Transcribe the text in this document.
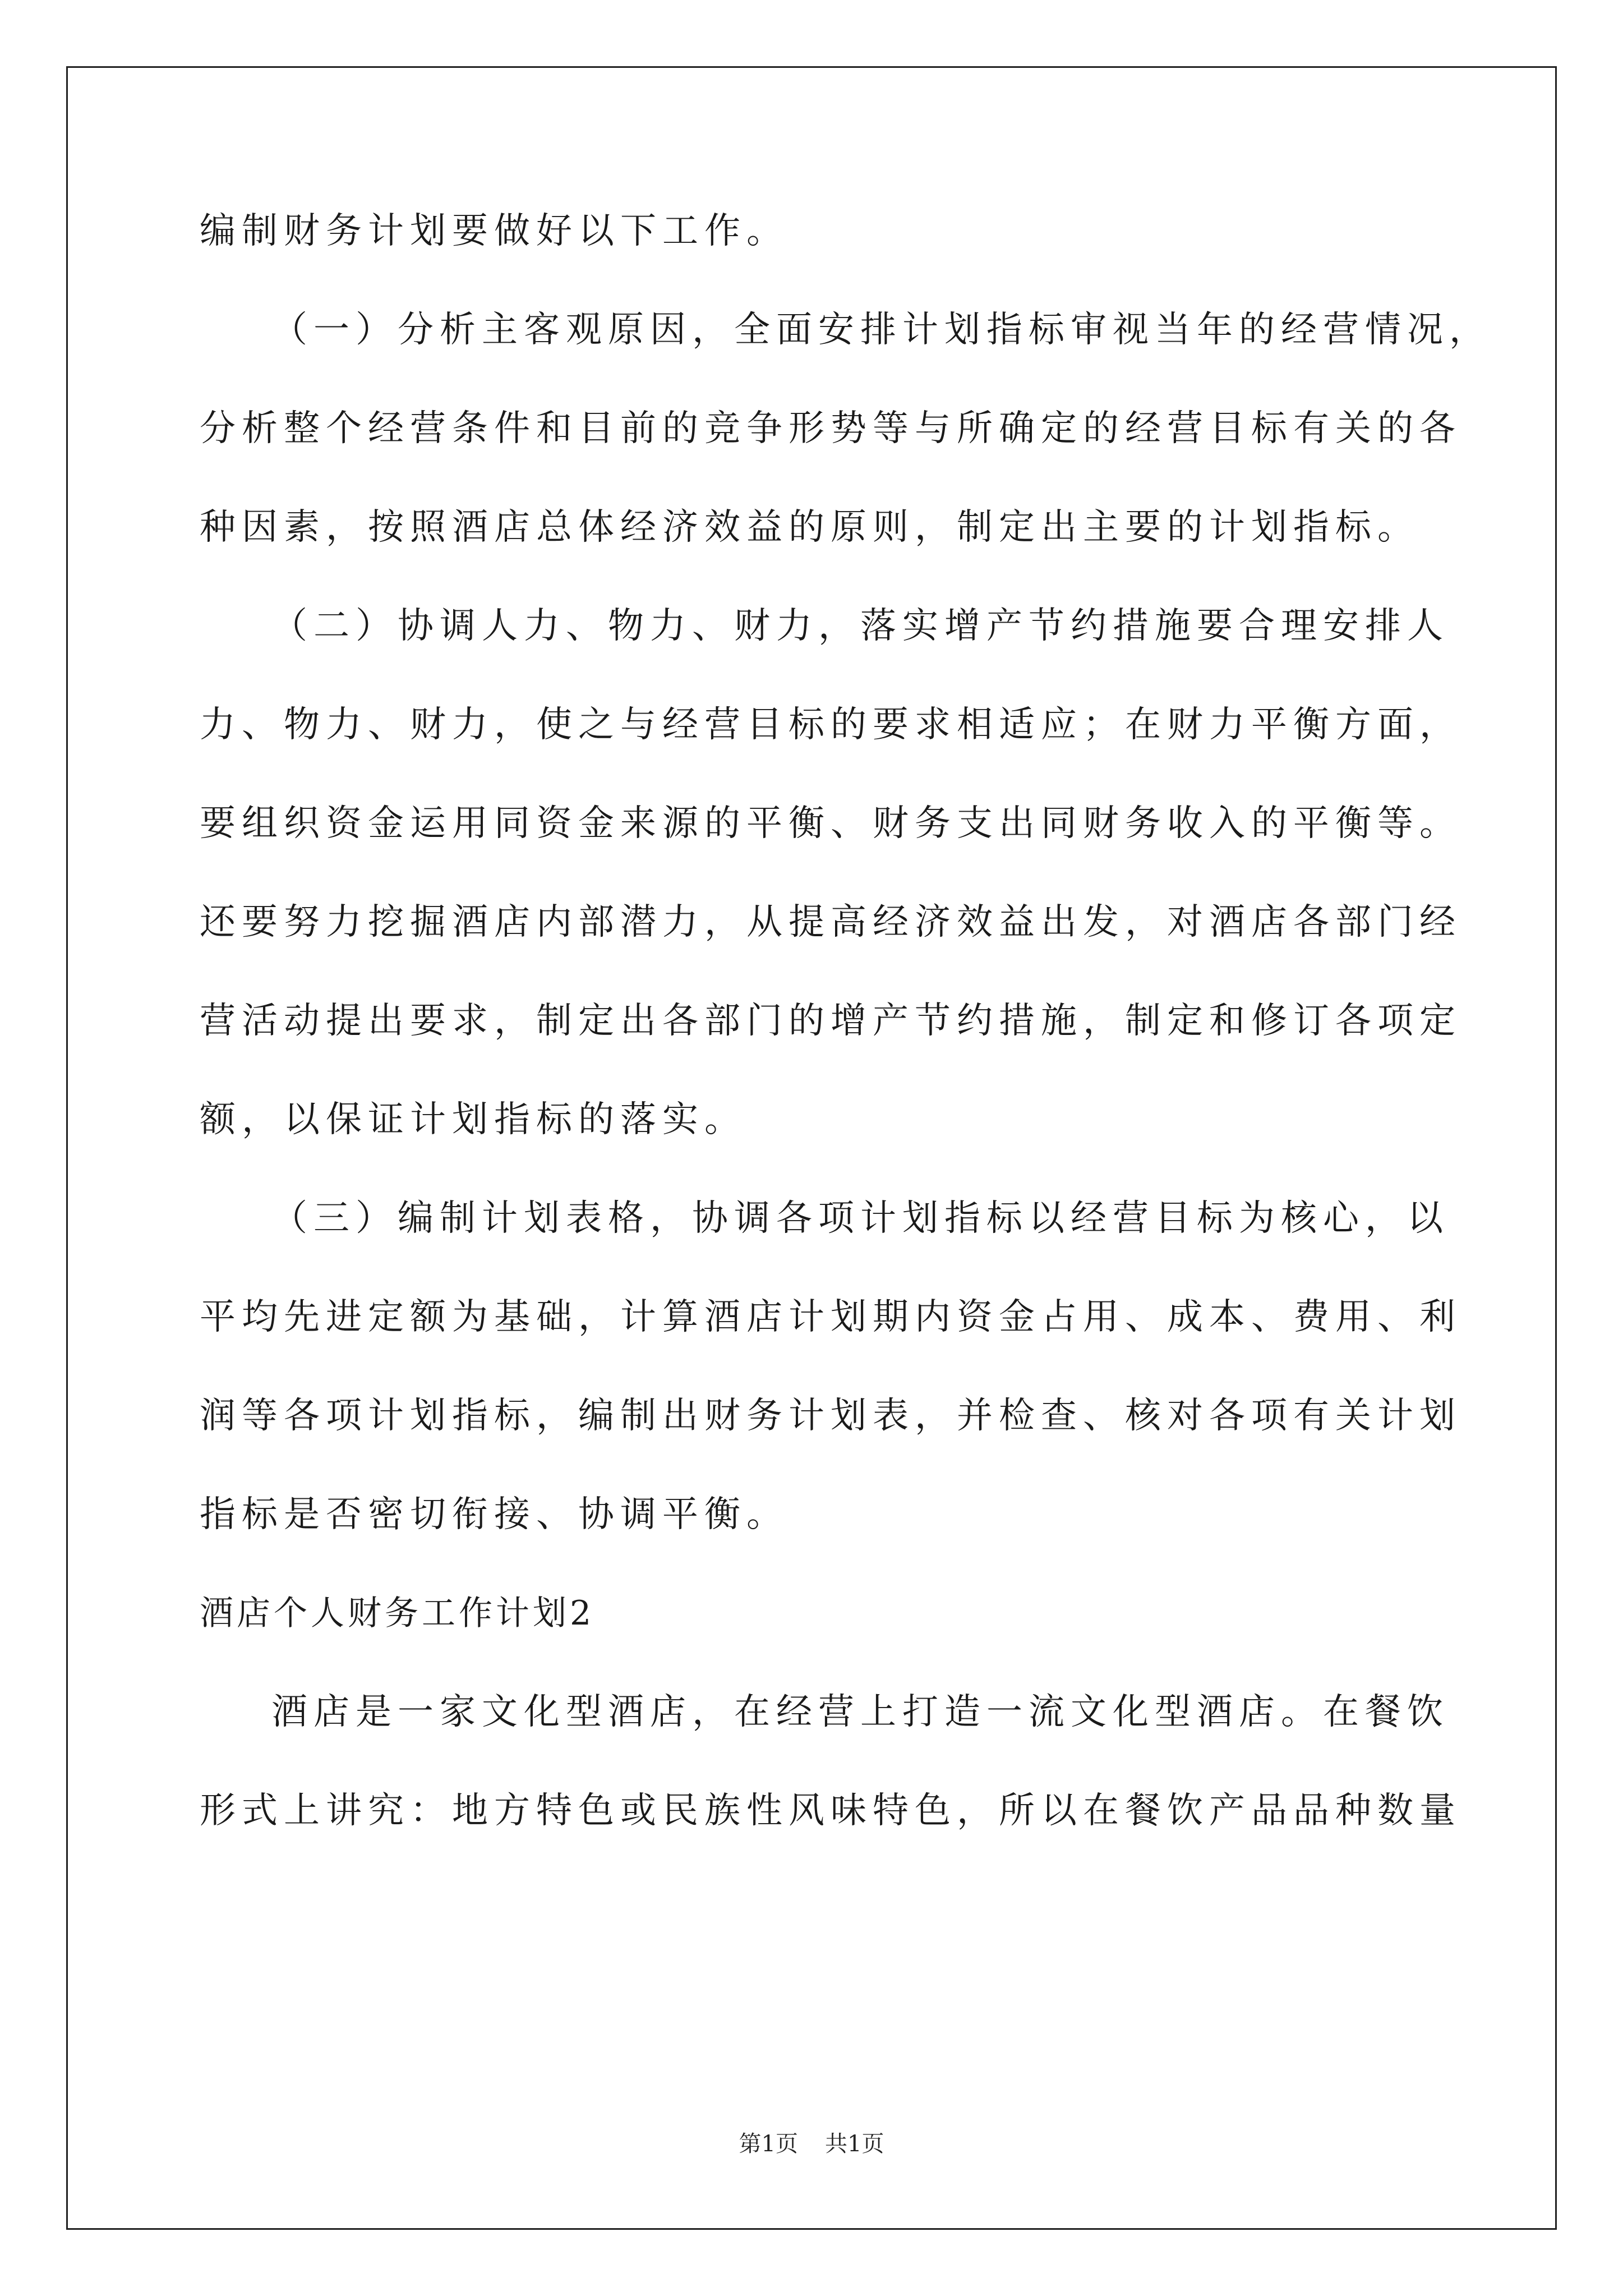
编制财务计划要做好以下工作。

（一）分析主客观原因，全面安排计划指标审视当年的经营情况，

分析整个经营条件和目前的竞争形势等与所确定的经营目标有关的各

种因素，按照酒店总体经济效益的原则，制定出主要的计划指标。

（二）协调人力、物力、财力，落实增产节约措施要合理安排人

力、物力、财力，使之与经营目标的要求相适应；在财力平衡方面，

要组织资金运用同资金来源的平衡、财务支出同财务收入的平衡等。

还要努力挖掘酒店内部潜力，从提高经济效益出发，对酒店各部门经

营活动提出要求，制定出各部门的增产节约措施，制定和修订各项定

额，以保证计划指标的落实。

（三）编制计划表格，协调各项计划指标以经营目标为核心，以

平均先进定额为基础，计算酒店计划期内资金占用、成本、费用、利

润等各项计划指标，编制出财务计划表，并检查、核对各项有关计划

指标是否密切衔接、协调平衡。

酒店个人财务工作计划2

酒店是一家文化型酒店，在经营上打造一流文化型酒店。在餐饮

形式上讲究：地方特色或民族性风味特色，所以在餐饮产品品种数量

第1页 共1页
